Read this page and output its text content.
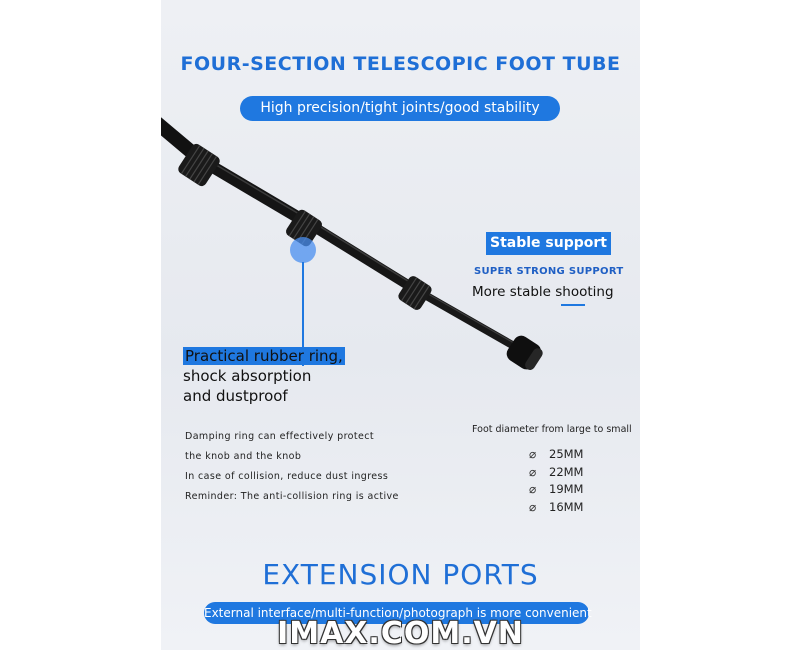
FOUR-SECTION TELESCOPIC FOOT TUBE
High precision/tight joints/good stability
Stable support
SUPER STRONG SUPPORT
More stable shooting
Practical rubber ring,
shock absorption
and dustproof
Damping ring can effectively protect
the knob and the knob
In case of collision, reduce dust ingress
Reminder: The anti-collision ring is active
Foot diameter from large to small
⌀	25MM
⌀	22MM
⌀	19MM
⌀	16MM
EXTENSION PORTS
External interface/multi-function/photograph is more convenient
IMAX.COM.VN
